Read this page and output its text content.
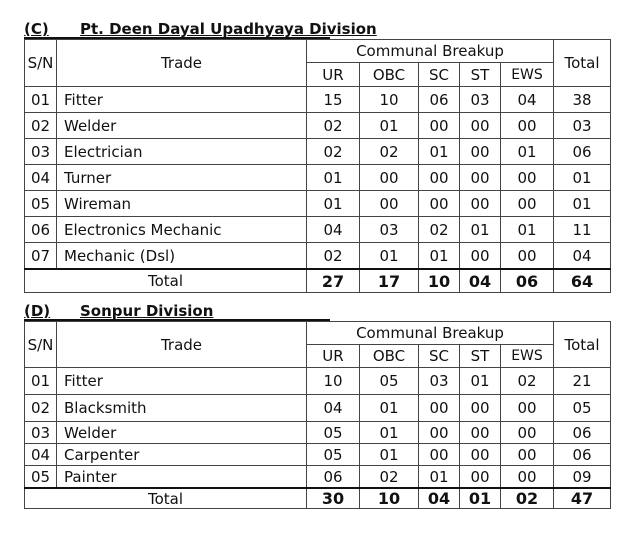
(C) Pt. Deen Dayal Upadhyaya Division
S/N	Trade	Communal Breakup					Total
		UR	OBC	SC	ST	EWS	
01	Fitter	15	10	06	03	04	38
02	Welder	02	01	00	00	00	03
03	Electrician	02	02	01	00	01	06
04	Turner	01	00	00	00	00	01
05	Wireman	01	00	00	00	00	01
06	Electronics Mechanic	04	03	02	01	01	11
07	Mechanic (Dsl)	02	01	01	00	00	04
Total		27	17	10	04	06	64
(D) Sonpur Division
S/N	Trade	Communal Breakup					Total
		UR	OBC	SC	ST	EWS	
01	Fitter	10	05	03	01	02	21
02	Blacksmith	04	01	00	00	00	05
03	Welder	05	01	00	00	00	06
04	Carpenter	05	01	00	00	00	06
05	Painter	06	02	01	00	00	09
Total		30	10	04	01	02	47
